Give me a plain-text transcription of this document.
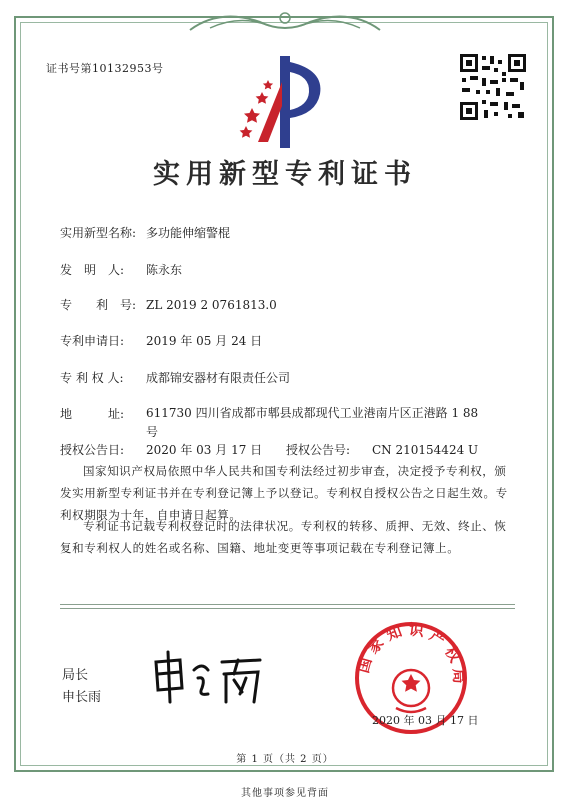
证书号第10132953号
实用新型专利证书
实用新型名称: 多功能伸缩警棍
发　明　人: 陈永东
专　　利　号: ZL 2019 2 0761813.0
专利申请日: 2019 年 05 月 24 日
专 利 权 人: 成都锦安器材有限责任公司
地　　　址:	611730 四川省成都市郫县成都现代工业港南片区正港路 1 88 号
授权公告日: 2020 年 03 月 17 日 授权公告号: CN 210154424 U
国家知识产权局依照中华人民共和国专利法经过初步审查，决定授予专利权，颁发实用新型专利证书并在专利登记簿上予以登记。专利权自授权公告之日起生效。专利权期限为十年，自申请日起算。
专利证书记载专利权登记时的法律状况。专利权的转移、质押、无效、终止、恢复和专利权人的姓名或名称、国籍、地址变更等事项记载在专利登记簿上。
局长
申长雨
国 家 知 识 产 权 局
2020 年 03 月 17 日
第 1 页（共 2 页）
其他事项参见背面
